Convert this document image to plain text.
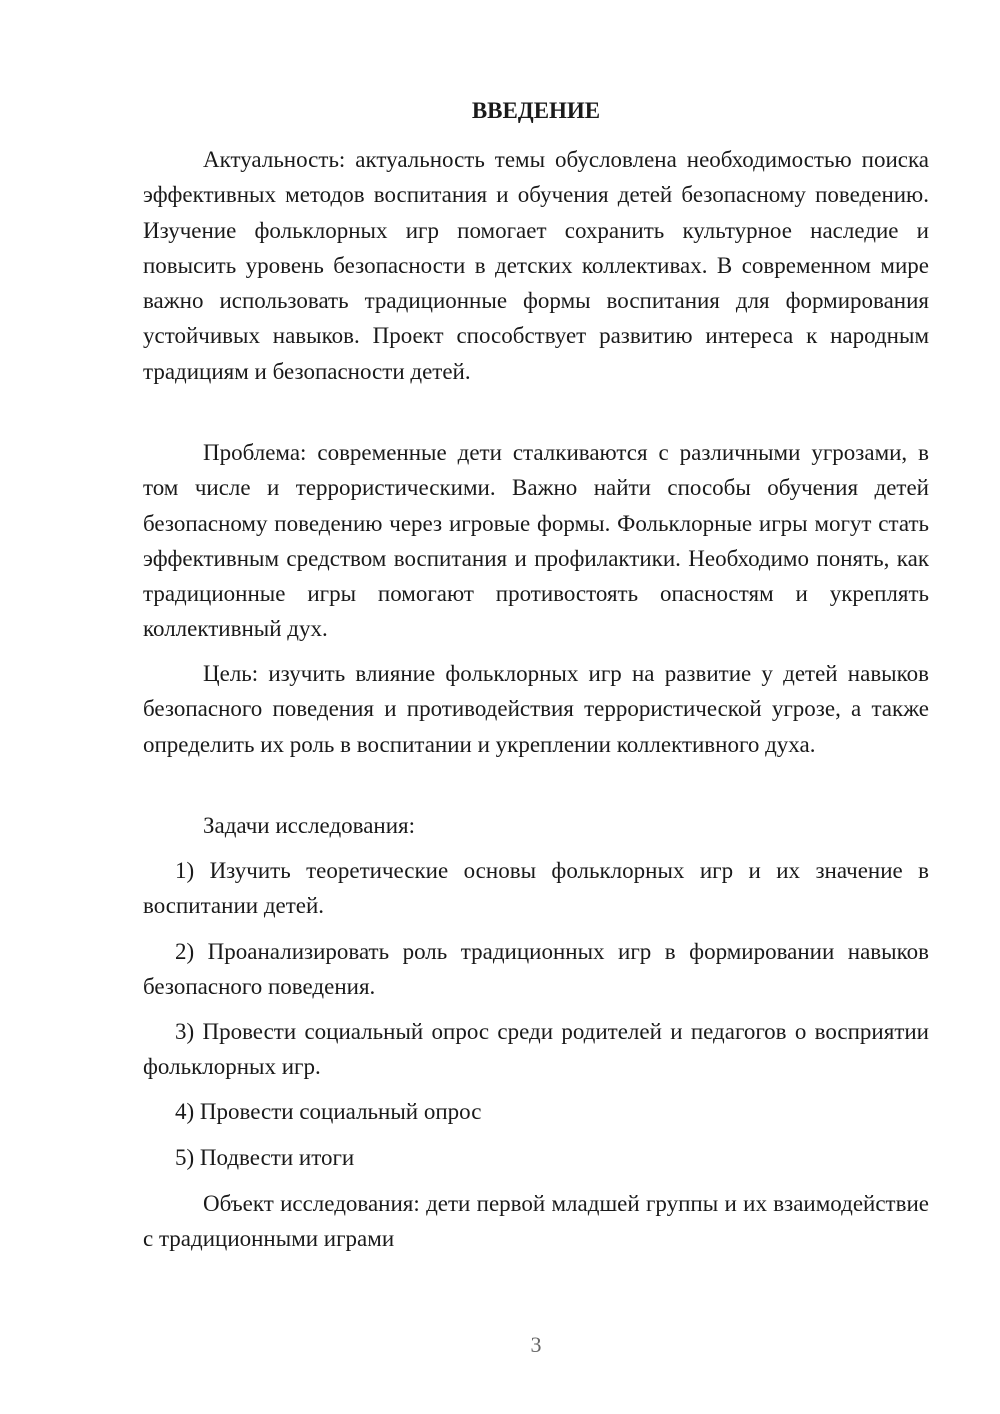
ВВЕДЕНИЕ

Актуальность: актуальность темы обусловлена необходимостью поиска эффективных методов воспитания и обучения детей безопасному поведению. Изучение фольклорных игр помогает сохранить культурное наследие и повысить уровень безопасности в детских коллективах. В современном мире важно использовать традиционные формы воспитания для формирования устойчивых навыков. Проект способствует развитию интереса к народным традициям и безопасности детей.

Проблема: современные дети сталкиваются с различными угрозами, в том числе и террористическими. Важно найти способы обучения детей безопасному поведению через игровые формы. Фольклорные игры могут стать эффективным средством воспитания и профилактики. Необходимо понять, как традиционные игры помогают противостоять опасностям и укреплять коллективный дух.

Цель: изучить влияние фольклорных игр на развитие у детей навыков безопасного поведения и противодействия террористической угрозе, а также определить их роль в воспитании и укреплении коллективного духа.

Задачи исследования:

1) Изучить теоретические основы фольклорных игр и их значение в воспитании детей.

2) Проанализировать роль традиционных игр в формировании навыков безопасного поведения.

3) Провести социальный опрос среди родителей и педагогов о восприятии фольклорных игр.

4) Провести социальный опрос

5) Подвести итоги

Объект исследования: дети первой младшей группы и их взаимодействие с традиционными играми

3
